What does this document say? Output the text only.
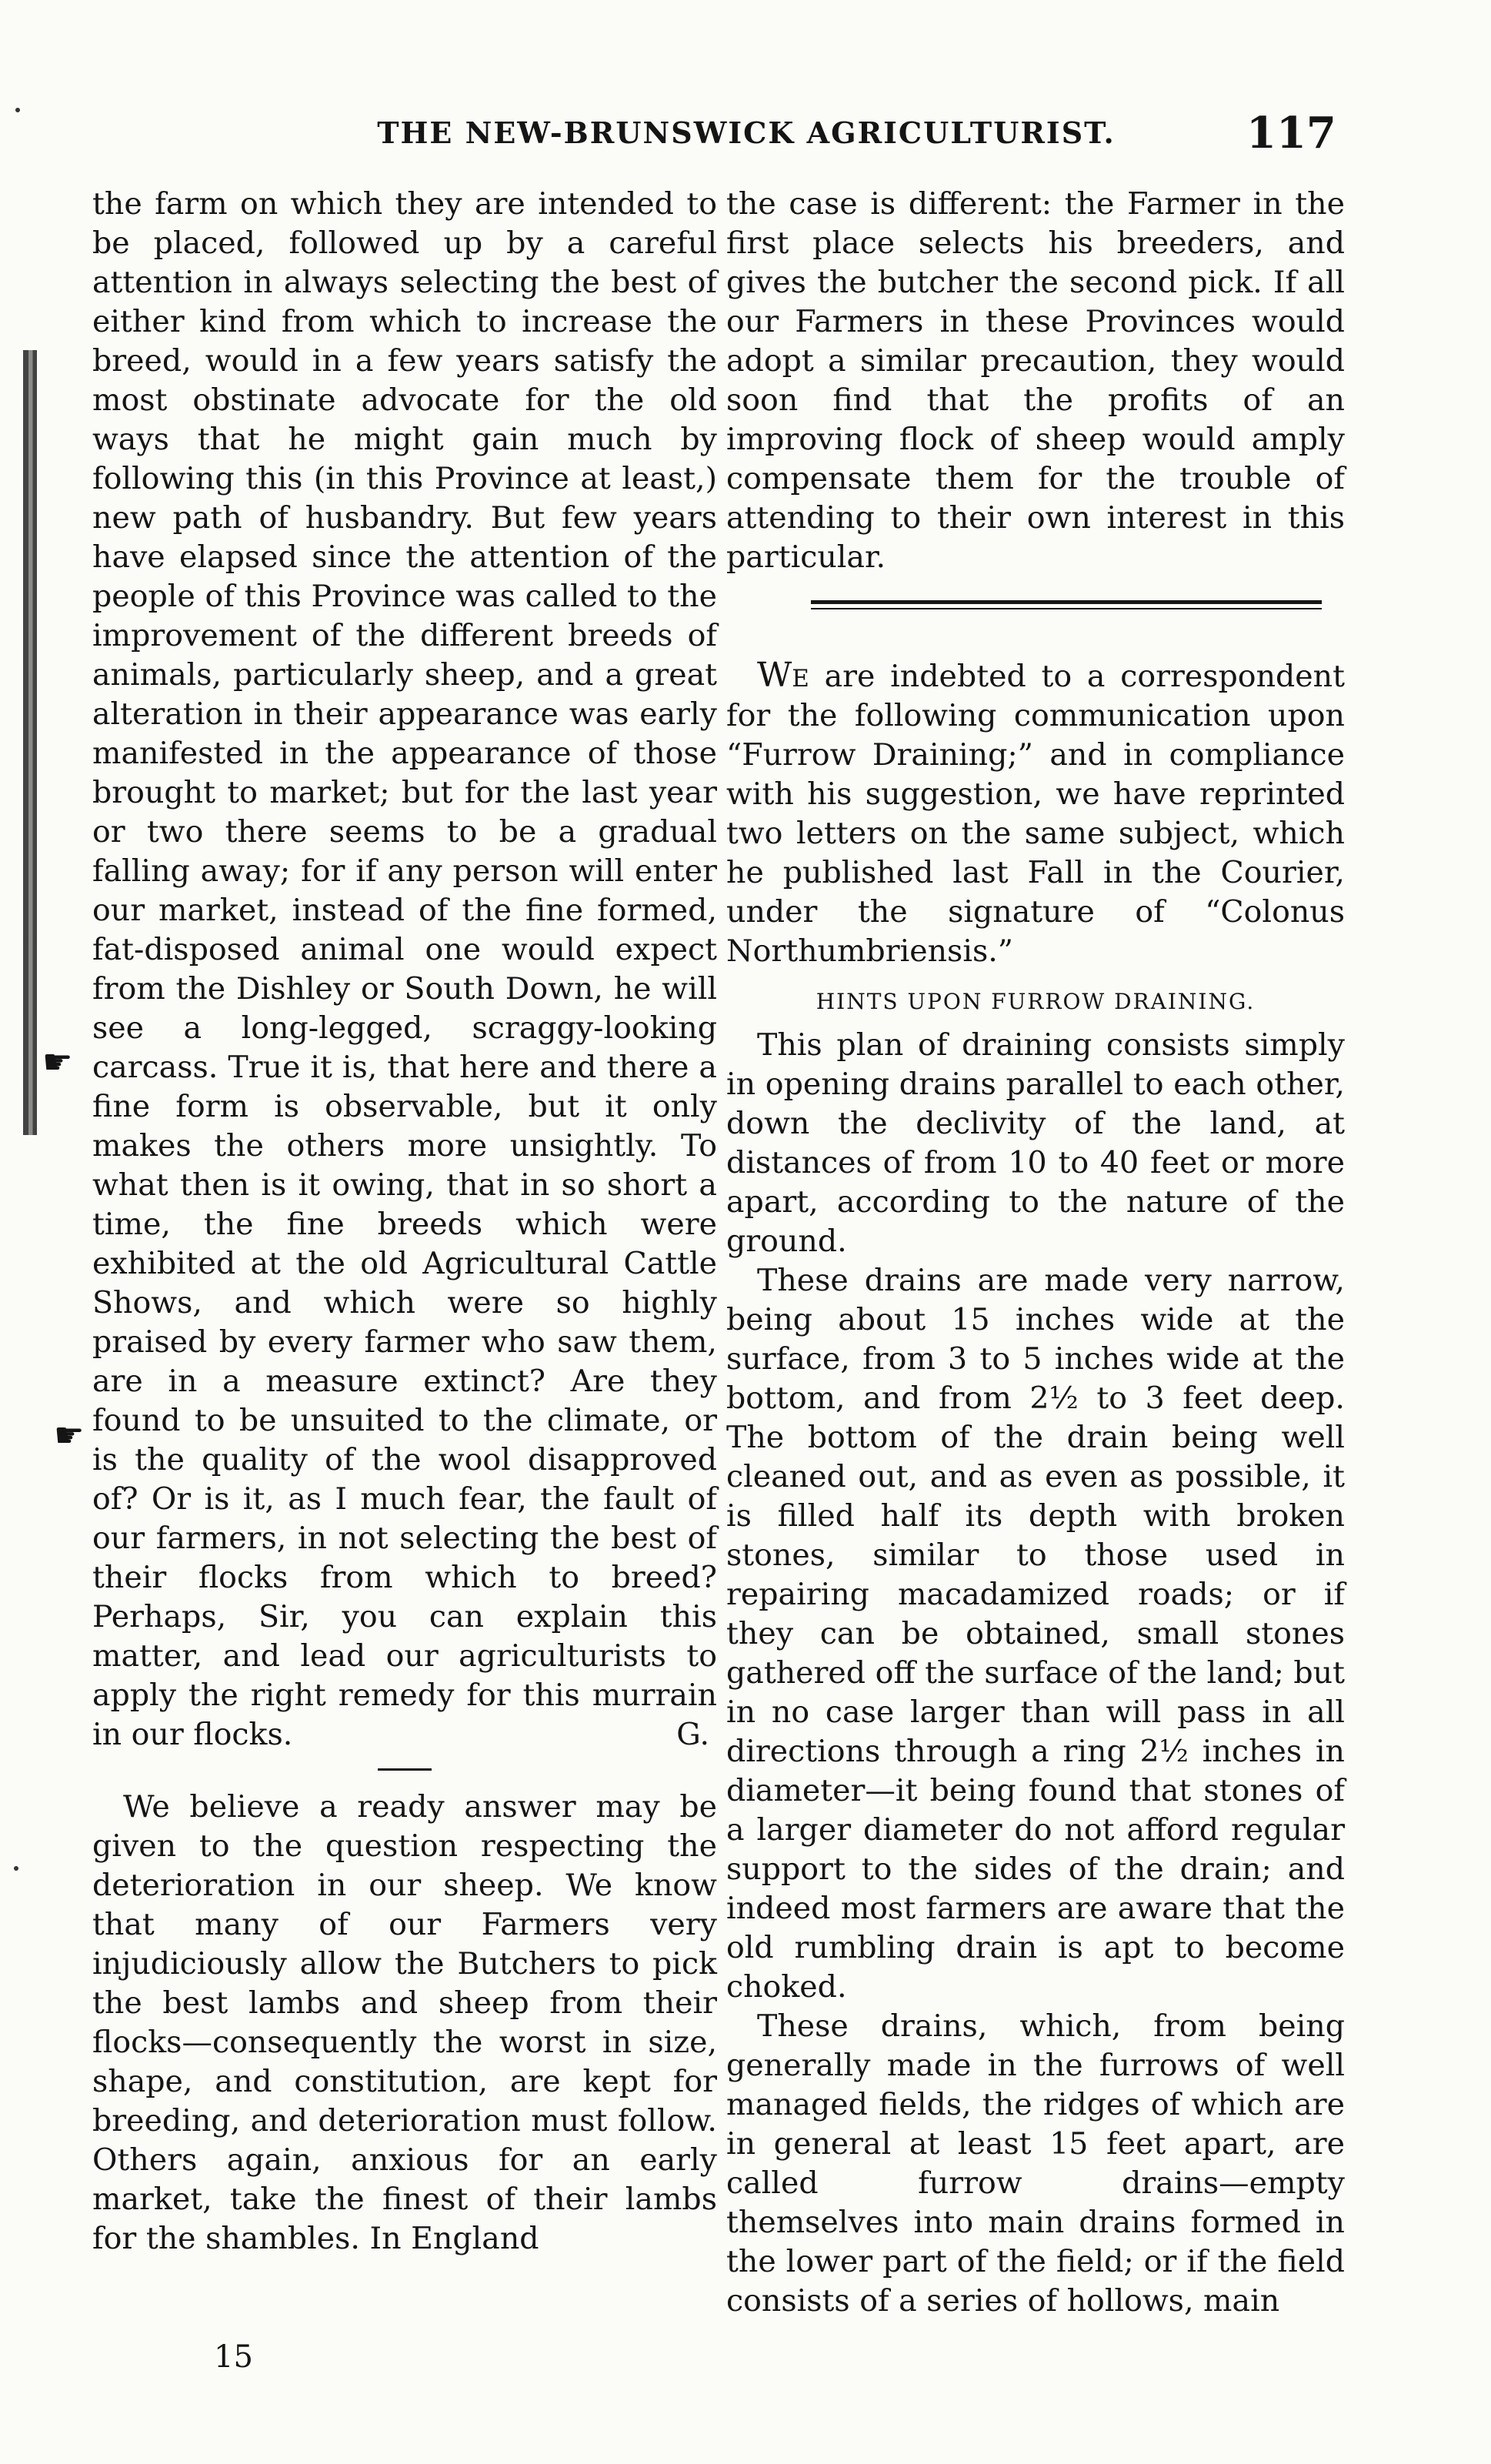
☛
☛
THE NEW-BRUNSWICK AGRICULTURIST.	117

the farm on which they are intended to be placed, followed up by a careful attention in always selecting the best of either kind from which to increase the breed, would in a few years satisfy the most obstinate advocate for the old ways that he might gain much by following this (in this Province at least,) new path of husbandry. But few years have elapsed since the attention of the people of this Province was called to the improvement of the different breeds of animals, particularly sheep, and a great alteration in their appearance was early manifested in the appearance of those brought to market; but for the last year or two there seems to be a gradual falling away; for if any person will enter our market, instead of the fine formed, fat-disposed animal one would expect from the Dishley or South Down, he will see a long-legged, scraggy-looking carcass. True it is, that here and there a fine form is observable, but it only makes the others more unsightly. To what then is it owing, that in so short a time, the fine breeds which were exhibited at the old Agricultural Cattle Shows, and which were so highly praised by every farmer who saw them, are in a measure extinct? Are they found to be unsuited to the climate, or is the quality of the wool disapproved of? Or is it, as I much fear, the fault of our farmers, in not selecting the best of their flocks from which to breed? Perhaps, Sir, you can explain this matter, and lead our agriculturists to apply the right remedy for this murrain in our flocks.	G.

We believe a ready answer may be given to the question respecting the deterioration in our sheep. We know that many of our Farmers very injudiciously allow the Butchers to pick the best lambs and sheep from their flocks—consequently the worst in size, shape, and constitution, are kept for breeding, and deterioration must follow. Others again, anxious for an early market, take the finest of their lambs for the shambles. In England

15

the case is different: the Farmer in the first place selects his breeders, and gives the butcher the second pick. If all our Farmers in these Provinces would adopt a similar precaution, they would soon find that the profits of an improving flock of sheep would amply compensate them for the trouble of attending to their own interest in this particular.

We are indebted to a correspondent for the following communication upon “Furrow Draining;” and in compliance with his suggestion, we have reprinted two letters on the same subject, which he published last Fall in the Courier, under the signature of “Colonus Northumbriensis.”

HINTS UPON FURROW DRAINING.

This plan of draining consists simply in opening drains parallel to each other, down the declivity of the land, at distances of from 10 to 40 feet or more apart, according to the nature of the ground.

These drains are made very narrow, being about 15 inches wide at the surface, from 3 to 5 inches wide at the bottom, and from 2½ to 3 feet deep. The bottom of the drain being well cleaned out, and as even as possible, it is filled half its depth with broken stones, similar to those used in repairing macadamized roads; or if they can be obtained, small stones gathered off the surface of the land; but in no case larger than will pass in all directions through a ring 2½ inches in diameter—it being found that stones of a larger diameter do not afford regular support to the sides of the drain; and indeed most farmers are aware that the old rumbling drain is apt to become choked.

These drains, which, from being generally made in the furrows of well managed fields, the ridges of which are in general at least 15 feet apart, are called furrow drains—empty themselves into main drains formed in the lower part of the field; or if the field consists of a series of hollows, main
